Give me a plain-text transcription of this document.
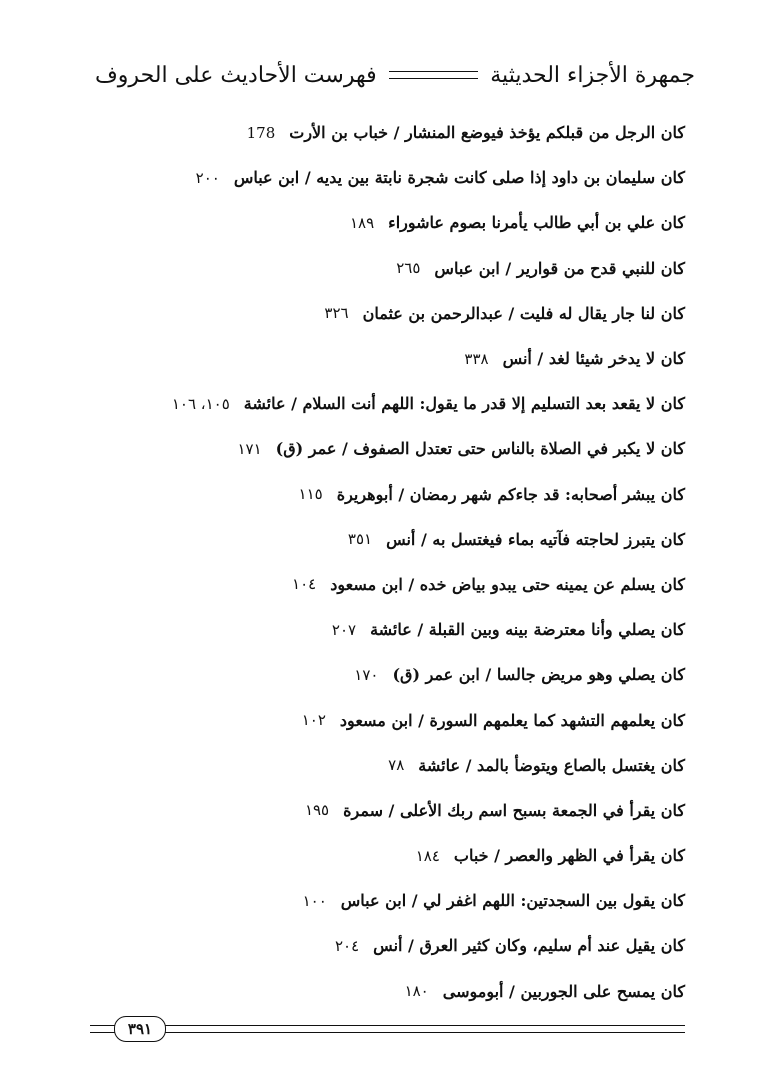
جمهرة الأجزاء الحديثية
فهرست الأحاديث على الحروف
كان الرجل من قبلكم يؤخذ فيوضع المنشار / خباب بن الأرت
178
كان سليمان بن داود إذا صلى كانت شجرة نابتة بين يديه / ابن عباس
٢٠٠
كان علي بن أبي طالب يأمرنا بصوم عاشوراء
١٨٩
كان للنبي قدح من قوارير / ابن عباس
٢٦٥
كان لنا جار يقال له فليت / عبدالرحمن بن عثمان
٣٢٦
كان لا يدخر شيئا لغد / أنس
٣٣٨
كان لا يقعد بعد التسليم إلا قدر ما يقول: اللهم أنت السلام / عائشة
١٠٥، ١٠٦
كان لا يكبر في الصلاة بالناس حتى تعتدل الصفوف / عمر (ق)
١٧١
كان يبشر أصحابه: قد جاءكم شهر رمضان / أبوهريرة
١١٥
كان يتبرز لحاجته فآتيه بماء فيغتسل به / أنس
٣٥١
كان يسلم عن يمينه حتى يبدو بياض خده / ابن مسعود
١٠٤
كان يصلي وأنا معترضة بينه وبين القبلة / عائشة
٢٠٧
كان يصلي وهو مريض جالسا / ابن عمر (ق)
١٧٠
كان يعلمهم التشهد كما يعلمهم السورة / ابن مسعود
١٠٢
كان يغتسل بالصاع ويتوضأ بالمد / عائشة
٧٨
كان يقرأ في الجمعة بسبح اسم ربك الأعلى / سمرة
١٩٥
كان يقرأ في الظهر والعصر / خباب
١٨٤
كان يقول بين السجدتين: اللهم اغفر لي / ابن عباس
١٠٠
كان يقيل عند أم سليم، وكان كثير العرق / أنس
٢٠٤
كان يمسح على الجوربين / أبوموسى
١٨٠
٣٩١
